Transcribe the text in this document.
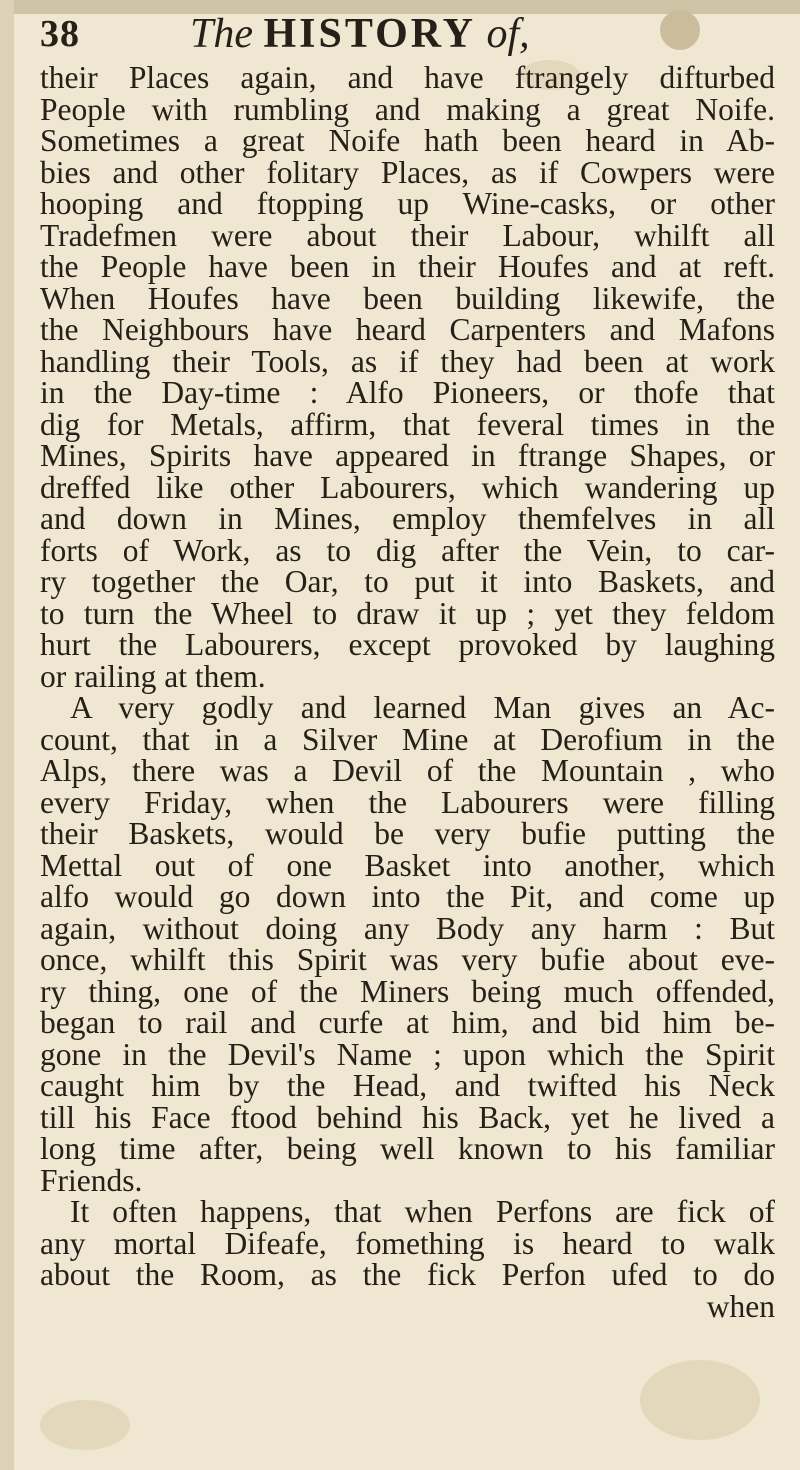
38	The HISTORY of,
their Places again, and have ftrangely difturbed
People with rumbling and making a great Noife.
Sometimes a great Noife hath been heard in Ab-
bies and other folitary Places, as if Cowpers were
hooping and ftopping up Wine-casks, or other
Tradefmen were about their Labour, whilft all
the People have been in their Houfes and at reft.
When Houfes have been building likewife, the
the Neighbours have heard Carpenters and Mafons
handling their Tools, as if they had been at work
in the Day-time : Alfo Pioneers, or thofe that
dig for Metals, affirm, that feveral times in the
Mines, Spirits have appeared in ftrange Shapes, or
dreffed like other Labourers, which wandering up
and down in Mines, employ themfelves in all
forts of Work, as to dig after the Vein, to car-
ry together the Oar, to put it into Baskets, and
to turn the Wheel to draw it up ; yet they feldom
hurt the Labourers, except provoked by laughing
or railing at them.
A very godly and learned Man gives an Ac-
count, that in a Silver Mine at Derofium in the
Alps, there was a Devil of the Mountain , who
every Friday, when the Labourers were filling
their Baskets, would be very bufie putting the
Mettal out of one Basket into another, which
alfo would go down into the Pit, and come up
again, without doing any Body any harm : But
once, whilft this Spirit was very bufie about eve-
ry thing, one of the Miners being much offended,
began to rail and curfe at him, and bid him be-
gone in the Devil's Name ; upon which the Spirit
caught him by the Head, and twifted his Neck
till his Face ftood behind his Back, yet he lived a
long time after, being well known to his familiar
Friends.
It often happens, that when Perfons are fick of
any mortal Difeafe, fomething is heard to walk
about the Room, as the fick Perfon ufed to do
when
